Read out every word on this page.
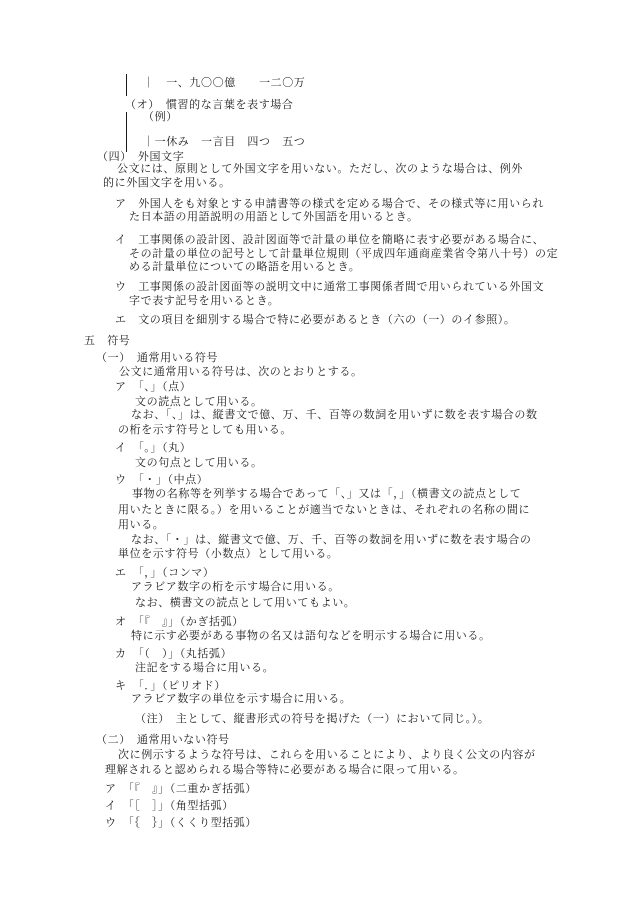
｜　一、九〇〇億　　一二〇万
（オ）　慣習的な言葉を表す場合
（例）
｜一休み　一言目　四つ　五つ
（四）　外国文字
公文には、原則として外国文字を用いない。ただし、次のような場合は、例外
的に外国文字を用いる。
ア　外国人をも対象とする申請書等の様式を定める場合で、その様式等に用いられ
た日本語の用語説明の用語として外国語を用いるとき。
イ　工事関係の設計図、設計図面等で計量の単位を簡略に表す必要がある場合に、
その計量の単位の記号として計量単位規則（平成四年通商産業省令第八十号）の定
める計量単位についての略語を用いるとき。
ウ　工事関係の設計図面等の説明文中に通常工事関係者間で用いられている外国文
字で表す記号を用いるとき。
エ　文の項目を細別する場合で特に必要があるとき（六の（一）のイ参照）。
五　符号
（一）　通常用いる符号
公文に通常用いる符号は、次のとおりとする。
ア　「、」（点）
文の読点として用いる。
なお、「、」は、縦書文で億、万、千、百等の数詞を用いずに数を表す場合の数
の桁を示す符号としても用いる。
イ　「。」（丸）
文の句点として用いる。
ウ　「・」（中点）
事物の名称等を列挙する場合であって「、」又は「，」（横書文の読点として
用いたときに限る。）を用いることが適当でないときは、それぞれの名称の間に
用いる。
なお、「・」は、縦書文で億、万、千、百等の数詞を用いずに数を表す場合の
単位を示す符号（小数点）として用いる。
エ　「，」（コンマ）
アラビア数字の桁を示す場合に用いる。
なお、横書文の読点として用いてもよい。
オ　「『　』」（かぎ括弧）
特に示す必要がある事物の名又は語句などを明示する場合に用いる。
カ　「（　）」（丸括弧）
注記をする場合に用いる。
キ　「．」（ピリオド）
アラビア数字の単位を示す場合に用いる。
（注）　主として、縦書形式の符号を掲げた（一）において同じ。）。
（二）　通常用いない符号
次に例示するような符号は、これらを用いることにより、より良く公文の内容が
理解されると認められる場合等特に必要がある場合に限って用いる。
ア　「『　』」（二重かぎ括弧）
イ　「［　］」（角型括弧）
ウ　「｛　｝」（くくり型括弧）
